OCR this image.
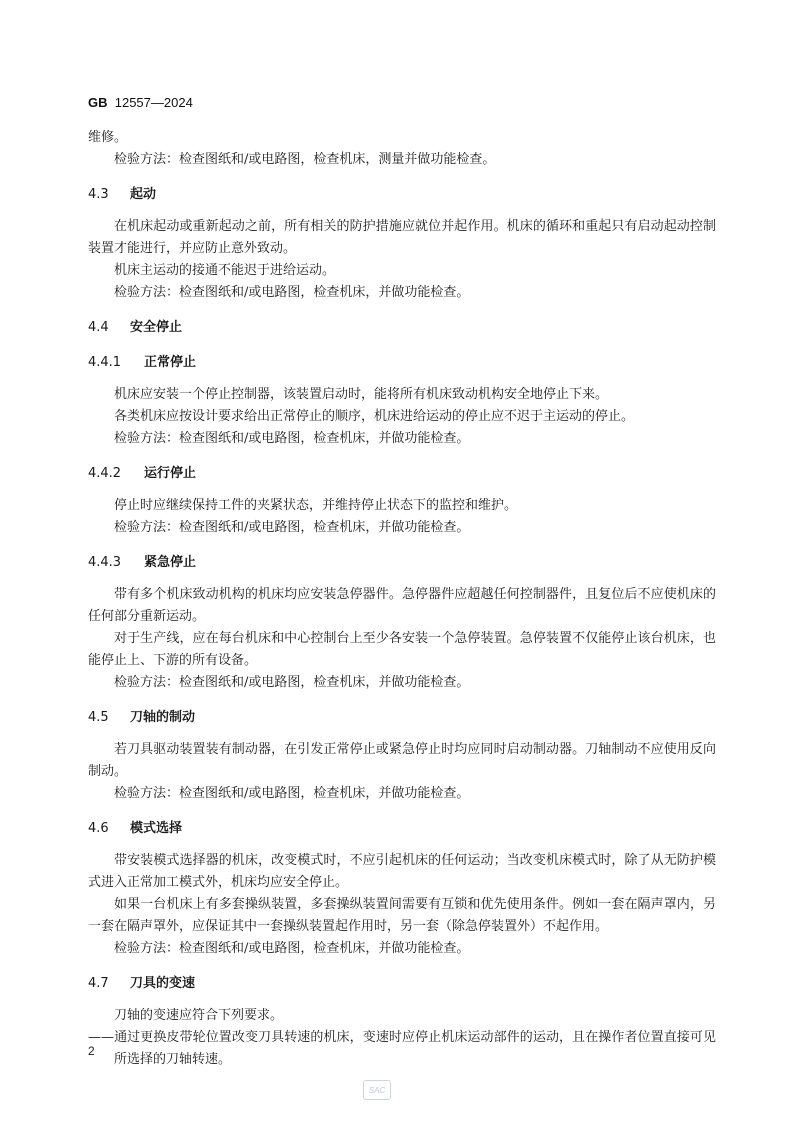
GB 12557—2024

维修。

检验方法：检查图纸和/或电路图，检查机床，测量并做功能检查。

4.3 起动

在机床起动或重新起动之前，所有相关的防护措施应就位并起作用。机床的循环和重起只有启动起动控制装置才能进行，并应防止意外致动。

机床主运动的接通不能迟于进给运动。

检验方法：检查图纸和/或电路图，检查机床，并做功能检查。

4.4 安全停止
4.4.1 正常停止

机床应安装一个停止控制器，该装置启动时，能将所有机床致动机构安全地停止下来。

各类机床应按设计要求给出正常停止的顺序，机床进给运动的停止应不迟于主运动的停止。

检验方法：检查图纸和/或电路图，检查机床，并做功能检查。

4.4.2 运行停止

停止时应继续保持工件的夹紧状态，并维持停止状态下的监控和维护。

检验方法：检查图纸和/或电路图，检查机床，并做功能检查。

4.4.3 紧急停止

带有多个机床致动机构的机床均应安装急停器件。急停器件应超越任何控制器件，且复位后不应使机床的任何部分重新运动。

对于生产线，应在每台机床和中心控制台上至少各安装一个急停装置。急停装置不仅能停止该台机床，也能停止上、下游的所有设备。

检验方法：检查图纸和/或电路图，检查机床，并做功能检查。

4.5 刀轴的制动

若刀具驱动装置装有制动器，在引发正常停止或紧急停止时均应同时启动制动器。刀轴制动不应使用反向制动。

检验方法：检查图纸和/或电路图，检查机床，并做功能检查。

4.6 模式选择

带安装模式选择器的机床，改变模式时，不应引起机床的任何运动；当改变机床模式时，除了从无防护模式进入正常加工模式外，机床均应安全停止。

如果一台机床上有多套操纵装置，多套操纵装置间需要有互锁和优先使用条件。例如一套在隔声罩内，另一套在隔声罩外，应保证其中一套操纵装置起作用时，另一套（除急停装置外）不起作用。

检验方法：检查图纸和/或电路图，检查机床，并做功能检查。

4.7 刀具的变速

刀轴的变速应符合下列要求。

——通过更换皮带轮位置改变刀具转速的机床，变速时应停止机床运动部件的运动，且在操作者位置直接可见所选择的刀轴转速。

2
SAC
